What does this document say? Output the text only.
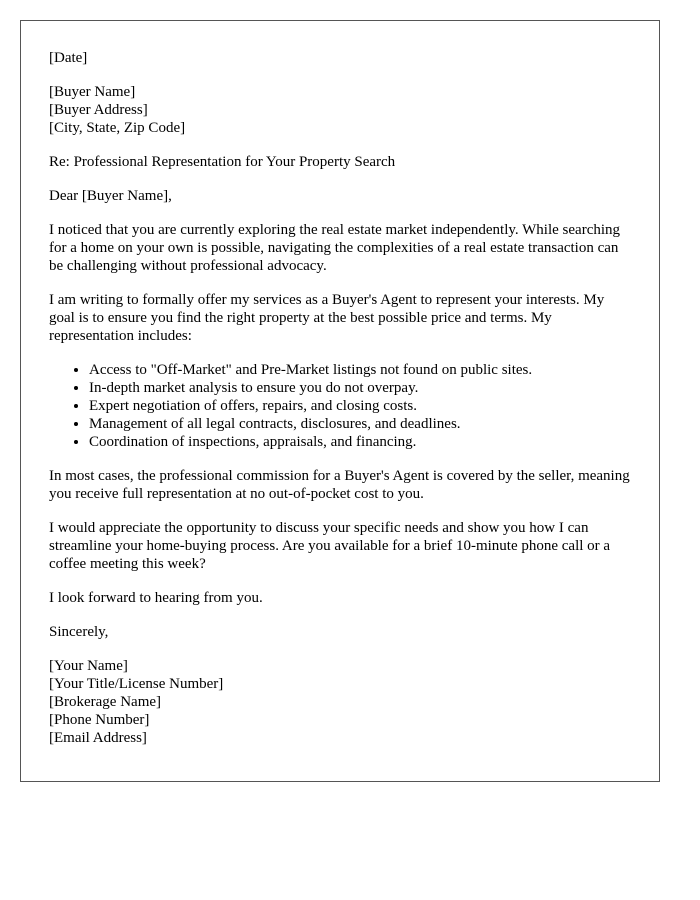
[Date]

[Buyer Name]
[Buyer Address]
[City, State, Zip Code]

Re: Professional Representation for Your Property Search

Dear [Buyer Name],

I noticed that you are currently exploring the real estate market independently. While searching for a home on your own is possible, navigating the complexities of a real estate transaction can be challenging without professional advocacy.

I am writing to formally offer my services as a Buyer's Agent to represent your interests. My goal is to ensure you find the right property at the best possible price and terms. My representation includes:

• Access to "Off-Market" and Pre-Market listings not found on public sites.
• In-depth market analysis to ensure you do not overpay.
• Expert negotiation of offers, repairs, and closing costs.
• Management of all legal contracts, disclosures, and deadlines.
• Coordination of inspections, appraisals, and financing.

In most cases, the professional commission for a Buyer's Agent is covered by the seller, meaning you receive full representation at no out-of-pocket cost to you.

I would appreciate the opportunity to discuss your specific needs and show you how I can streamline your home-buying process. Are you available for a brief 10-minute phone call or a coffee meeting this week?

I look forward to hearing from you.

Sincerely,

[Your Name]
[Your Title/License Number]
[Brokerage Name]
[Phone Number]
[Email Address]
